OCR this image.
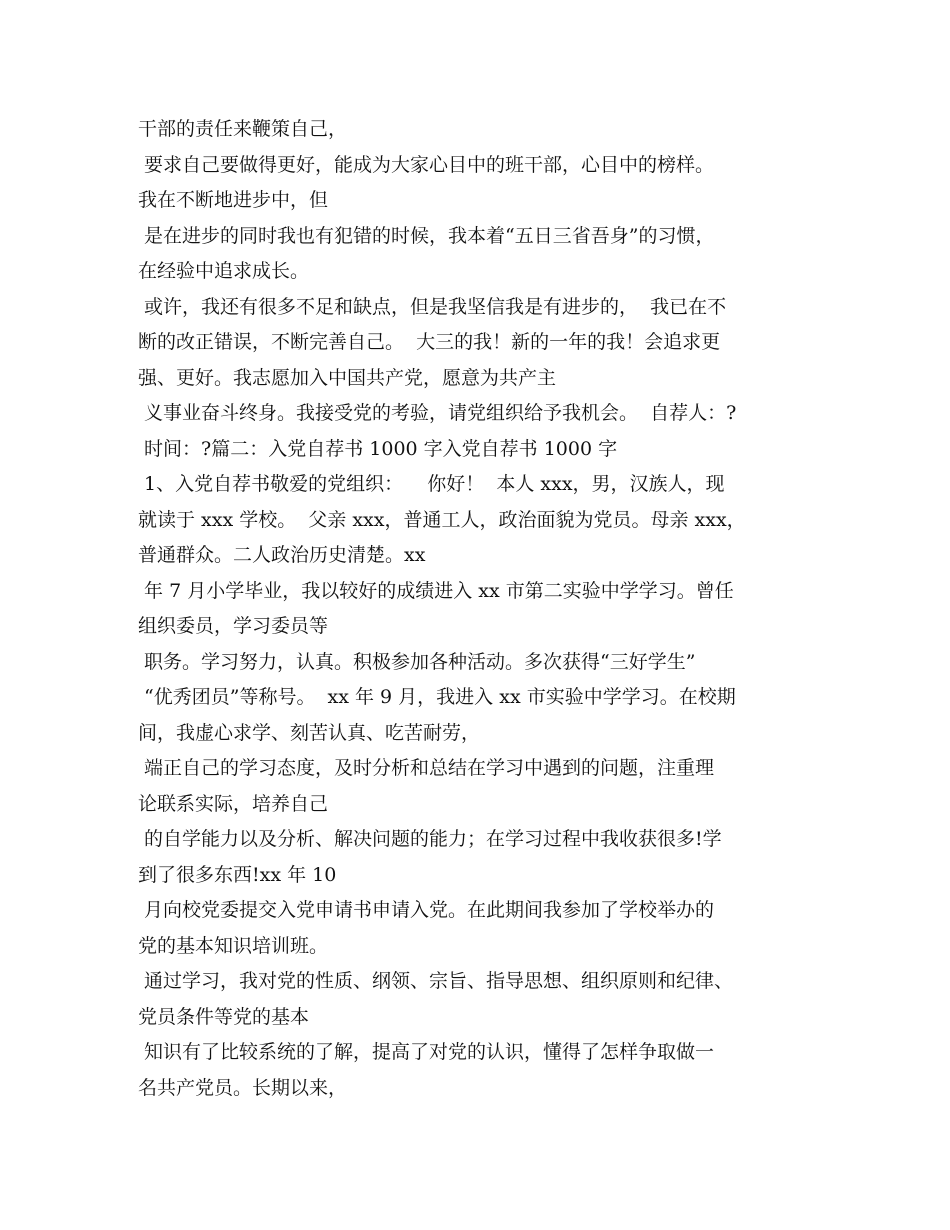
干部的责任来鞭策自己，
要求自己要做得更好，能成为大家心目中的班干部，心目中的榜样。
我在不断地进步中，但
是在进步的同时我也有犯错的时候，我本着“五日三省吾身”的习惯，
在经验中追求成长。
或许，我还有很多不足和缺点，但是我坚信我是有进步的，  我已在不
断的改正错误，不断完善自己。  大三的我！新的一年的我！会追求更
强、更好。我志愿加入中国共产党，愿意为共产主
义事业奋斗终身。我接受党的考验，请党组织给予我机会。  自荐人：?
时间：?篇二：入党自荐书 1000 字入党自荐书 1000 字
1、入党自荐书敬爱的党组织：    你好！  本人 xxx，男，汉族人，现
就读于 xxx 学校。  父亲 xxx，普通工人，政治面貌为党员。母亲 xxx，
普通群众。二人政治历史清楚。xx
年 7 月小学毕业，我以较好的成绩进入 xx 市第二实验中学学习。曾任
组织委员，学习委员等
职务。学习努力，认真。积极参加各种活动。多次获得“三好学生”
“优秀团员”等称号。  xx 年 9 月，我进入 xx 市实验中学学习。在校期
间，我虚心求学、刻苦认真、吃苦耐劳，
端正自己的学习态度，及时分析和总结在学习中遇到的问题，注重理
论联系实际，培养自己
的自学能力以及分析、解决问题的能力；在学习过程中我收获很多!学
到了很多东西!xx 年 10
月向校党委提交入党申请书申请入党。在此期间我参加了学校举办的
党的基本知识培训班。
通过学习，我对党的性质、纲领、宗旨、指导思想、组织原则和纪律、
党员条件等党的基本
知识有了比较系统的了解，提高了对党的认识，懂得了怎样争取做一
名共产党员。长期以来，
